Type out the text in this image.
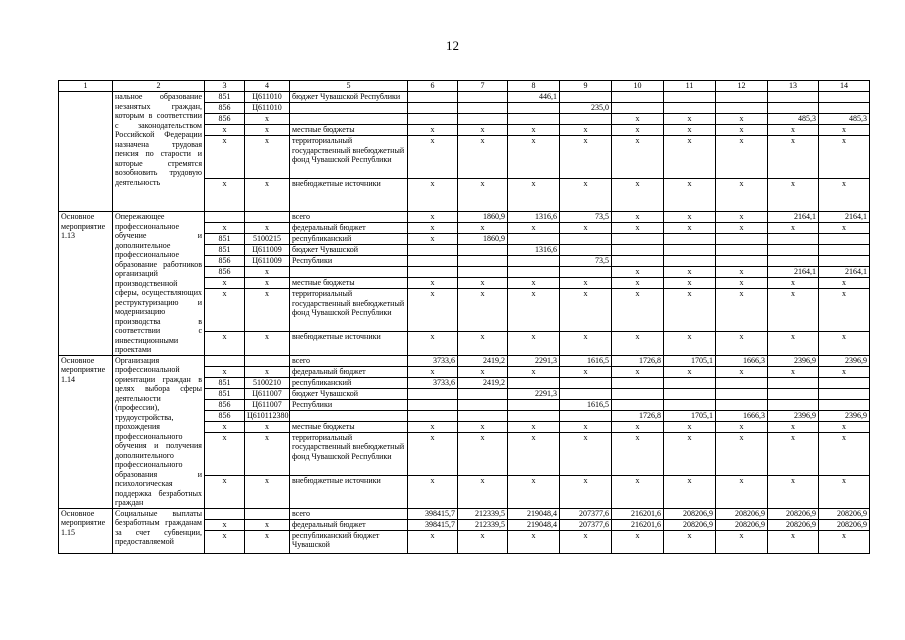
12
1	2	3	4	5	6	7	8	9	10	11	12	13	14
	нальное образование незанятых граждан, которым в соответствии с законодательством Российской Федерации назначена трудовая пенсия по старости и которые стремятся возобновить трудовую деятельность	851	Ц611010	бюджет Чувашской Республики			446,1						
		856	Ц611010					235,0					
		856	х						х	х	х	485,3	485,3
		х	х	местные бюджеты	х	х	х	х	х	х	х	х	х
		х	х	территориальный государственный внебюджетный фонд Чувашской Республики	х	х	х	х	х	х	х	х	х
		х	х	внебюджетные источники	х	х	х	х	х	х	х	х	х
Основное мероприятие 1.13	Опережающее профессиональное обучение и дополнительное профессиональное образование работников организаций производственной сферы, осуществляющих реструктуризацию и модернизацию производства в соответствии с инвестиционными проектами			всего	х	1860,9	1316,6	73,5	х	х	х	2164,1	2164,1
		х	х	федеральный бюджет	х	х	х	х	х	х	х	х	х
		851	5100215	республиканский	х	1860,9							
		851	Ц611009	бюджет Чувашской			1316,6						
		856	Ц611009	Республики				73,5					
		856	х						х	х	х	2164,1	2164,1
		х	х	местные бюджеты	х	х	х	х	х	х	х	х	х
		х	х	территориальный государственный внебюджетный фонд Чувашской Республики	х	х	х	х	х	х	х	х	х
		х	х	внебюджетные источники	х	х	х	х	х	х	х	х	х
Основное мероприятие 1.14	Организация профессиональной ориентации граждан в целях выбора сферы деятельности (профессии), трудоустройства, прохождения профессионального обучения и получения дополнительного профессионального образования и психологическая поддержка безработных граждан			всего	3733,6	2419,2	2291,3	1616,5	1726,8	1705,1	1666,3	2396,9	2396,9
		х	х	федеральный бюджет	х	х	х	х	х	х	х	х	х
		851	5100210	республиканский	3733,6	2419,2							
		851	Ц611007	бюджет Чувашской			2291,3						
		856	Ц611007	Республики				1616,5					
		856	Ц610112380						1726,8	1705,1	1666,3	2396,9	2396,9
		х	х	местные бюджеты	х	х	х	х	х	х	х	х	х
		х	х	территориальный государственный внебюджетный фонд Чувашской Республики	х	х	х	х	х	х	х	х	х
		х	х	внебюджетные источники	х	х	х	х	х	х	х	х	х
Основное мероприятие 1.15	Социальные выплаты безработным гражданам за счет субвенции, предоставляемой			всего	398415,7	212339,5	219048,4	207377,6	216201,6	208206,9	208206,9	208206,9	208206,9
		х	х	федеральный бюджет	398415,7	212339,5	219048,4	207377,6	216201,6	208206,9	208206,9	208206,9	208206,9
		х	х	республиканский бюджет Чувашской	х	х	х	х	х	х	х	х	х
